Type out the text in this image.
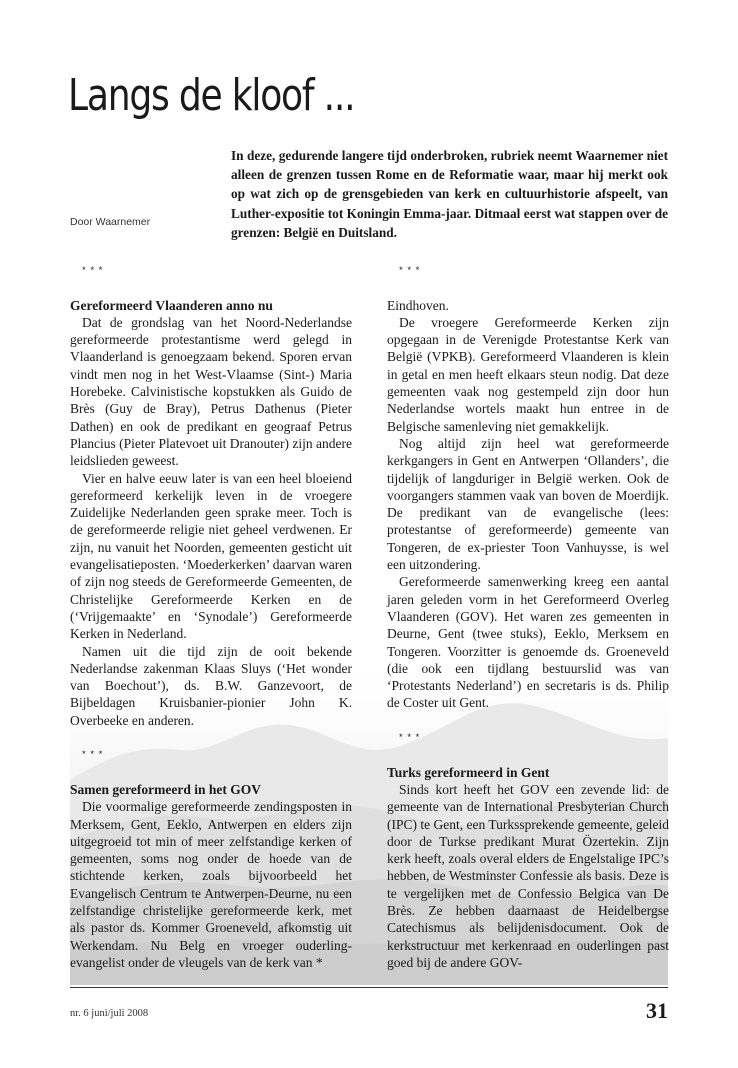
Langs de kloof ...

In deze, gedurende langere tijd onderbroken, rubriek neemt Waarnemer niet alleen de grenzen tussen Rome en de Reformatie waar, maar hij merkt ook op wat zich op de grensgebieden van kerk en cultuurhistorie afspeelt, van Luther-expositie tot Koningin Emma-jaar. Ditmaal eerst wat stappen over de grenzen: België en Duitsland.

Door Waarnemer

* * *

Gereformeerd Vlaanderen anno nu

Dat de grondslag van het Noord-Nederlandse gereformeerde protestantisme werd gelegd in Vlaanderland is genoegzaam bekend. Sporen ervan vindt men nog in het West-Vlaamse (Sint-) Maria Horebeke. Calvinistische kopstukken als Guido de Brès (Guy de Bray), Petrus Dathenus (Pieter Dathen) en ook de predikant en geograaf Petrus Plancius (Pieter Platevoet uit Dranouter) zijn andere leidslieden geweest.

Vier en halve eeuw later is van een heel bloeiend gereformeerd kerkelijk leven in de vroegere Zuidelijke Nederlanden geen sprake meer. Toch is de gereformeerde religie niet geheel verdwenen. Er zijn, nu vanuit het Noorden, gemeenten gesticht uit evangelisatieposten. ‘Moederkerken’ daarvan waren of zijn nog steeds de Gereformeerde Gemeenten, de Christelijke Gereformeerde Kerken en de (‘Vrijgemaakte’ en ‘Synodale’) Gereformeerde Kerken in Nederland.

Namen uit die tijd zijn de ooit bekende Nederlandse zakenman Klaas Sluys (‘Het wonder van Boechout’), ds. B.W. Ganzevoort, de Bijbeldagen Kruisbanier-pionier John K. Overbeeke en anderen.

* * *

Samen gereformeerd in het GOV

Die voormalige gereformeerde zendingsposten in Merksem, Gent, Eeklo, Antwerpen en elders zijn uitgegroeid tot min of meer zelfstandige kerken of gemeenten, soms nog onder de hoede van de stichtende kerken, zoals bijvoorbeeld het Evangelisch Centrum te Antwerpen-Deurne, nu een zelfstandige christelijke gereformeerde kerk, met als pastor ds. Kommer Groeneveld, afkomstig uit Werkendam. Nu Belg en vroeger ouderling-evangelist onder de vleugels van de kerk van *

* * *

Eindhoven.

De vroegere Gereformeerde Kerken zijn opgegaan in de Verenigde Protestantse Kerk van België (VPKB). Gereformeerd Vlaanderen is klein in getal en men heeft elkaars steun nodig. Dat deze gemeenten vaak nog gestempeld zijn door hun Nederlandse wortels maakt hun entree in de Belgische samenleving niet gemakkelijk.

Nog altijd zijn heel wat gereformeerde kerkgangers in Gent en Antwerpen ‘Ollanders’, die tijdelijk of langduriger in België werken. Ook de voorgangers stammen vaak van boven de Moerdijk. De predikant van de evangelische (lees: protestantse of gereformeerde) gemeente van Tongeren, de ex-priester Toon Vanhuysse, is wel een uitzondering.

Gereformeerde samenwerking kreeg een aantal jaren geleden vorm in het Gereformeerd Overleg Vlaanderen (GOV). Het waren zes gemeenten in Deurne, Gent (twee stuks), Eeklo, Merksem en Tongeren. Voorzitter is genoemde ds. Groeneveld (die ook een tijdlang bestuurslid was van ‘Protestants Nederland’) en secretaris is ds. Philip de Coster uit Gent.

* * *

Turks gereformeerd in Gent

Sinds kort heeft het GOV een zevende lid: de gemeente van de International Presbyterian Church (IPC) te Gent, een Turkssprekende gemeente, geleid door de Turkse predikant Murat Özertekin. Zijn kerk heeft, zoals overal elders de Engelstalige IPC’s hebben, de Westminster Confessie als basis. Deze is te vergelijken met de Confessio Belgica van De Brès. Ze hebben daarnaast de Heidelbergse Catechismus als belijdenisdocument. Ook de kerkstructuur met kerkenraad en ouderlingen past goed bij de andere GOV-

nr. 6 juni/juli 2008	31
